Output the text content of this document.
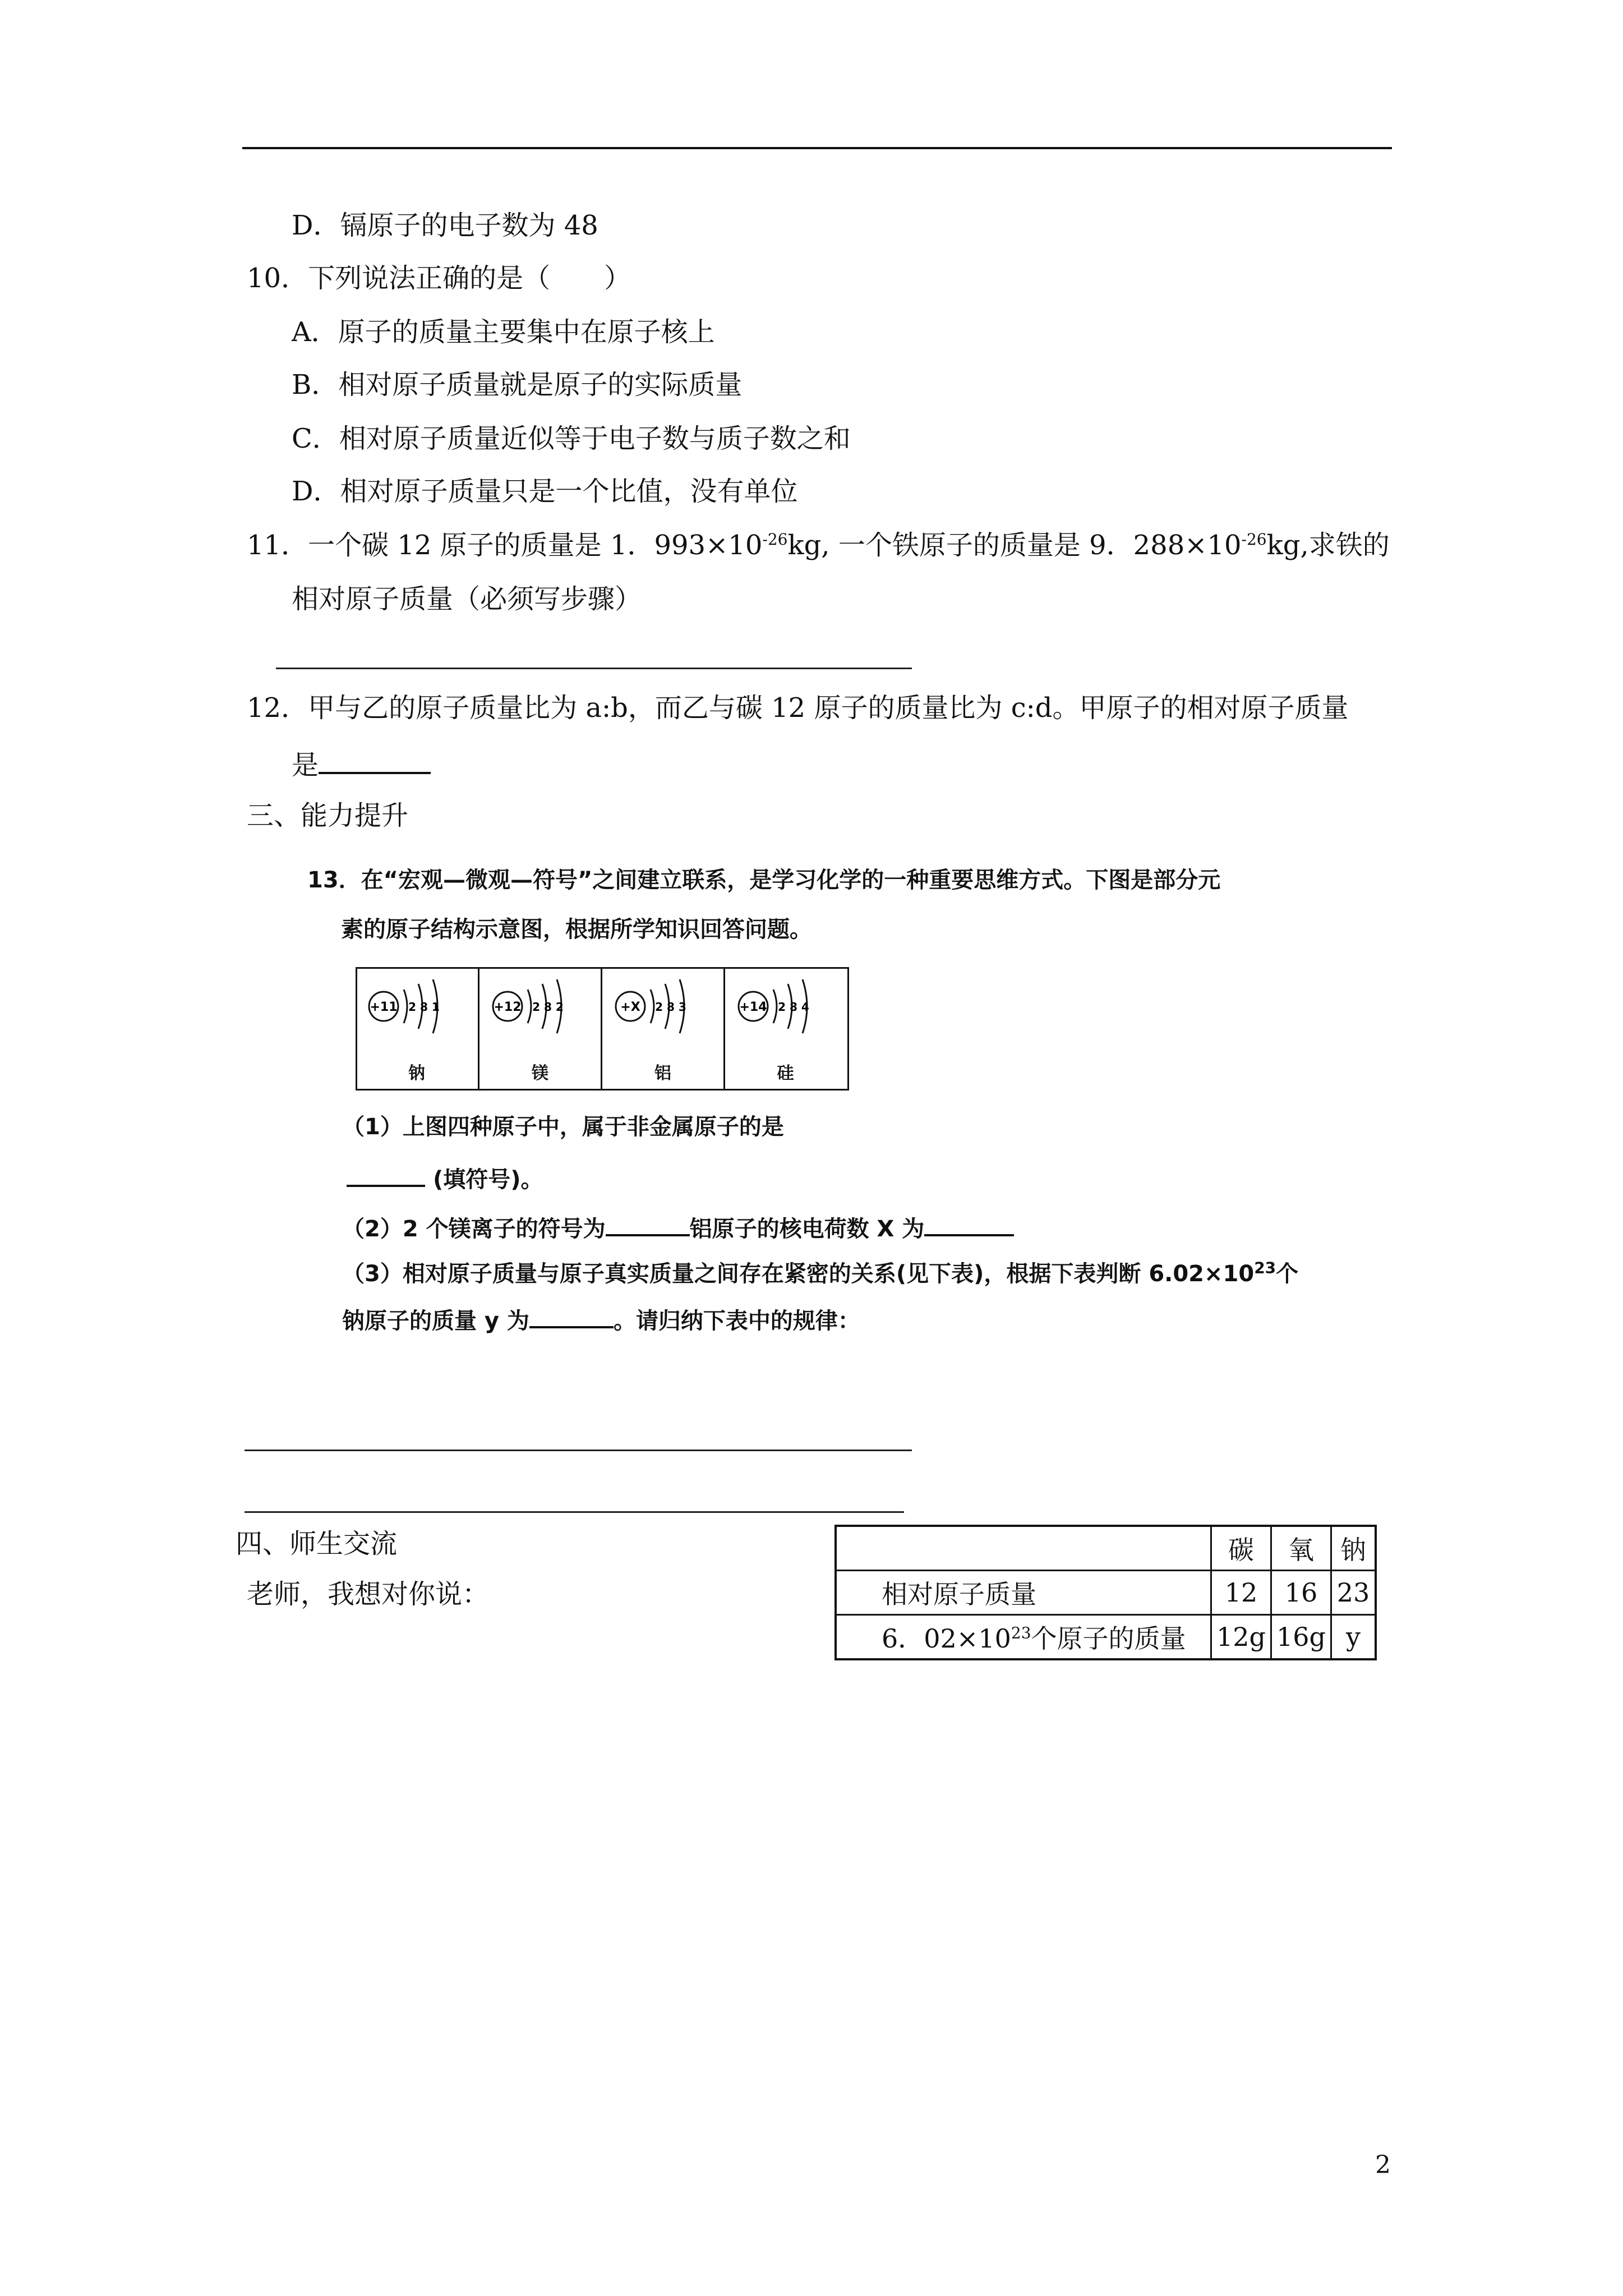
D．镉原子的电子数为 48
10．下列说法正确的是（　　）
A．原子的质量主要集中在原子核上
B．相对原子质量就是原子的实际质量
C．相对原子质量近似等于电子数与质子数之和
D．相对原子质量只是一个比值，没有单位
11．一个碳 12 原子的质量是 1．$993\times 10^{-26}kg$, 一个铁原子的质量是 9．$288\times 10^{-26}kg$,求铁的
相对原子质量（必须写步骤）
12．甲与乙的原子质量比为 a:b，而乙与碳 12 原子的质量比为 c:d。甲原子的相对原子质量
是
三、能力提升
13．在“宏观—微观—符号”之间建立联系，是学习化学的一种重要思维方式。下图是部分元
素的原子结构示意图，根据所学知识回答问题。
+11 2 8 1
钠
+12 2 8 2
镁
+X 2 8 3
铝
+14 2 8 4
硅
（1）上图四种原子中，属于非金属原子的是
(填符号)。
（2）2 个镁离子的符号为	铝原子的核电荷数 X 为
（3）相对原子质量与原子真实质量之间存在紧密的关系(见下表)，根据下表判断 $6.02\times 10^{23}$个
钠原子的质量 y 为	。请归纳下表中的规律：
四、师生交流
老师，我想对你说：
	碳	氧	钠
相对原子质量	12	16	23
6．$02\times 10^{23}$个原子的质量	12g	16g	y
2
